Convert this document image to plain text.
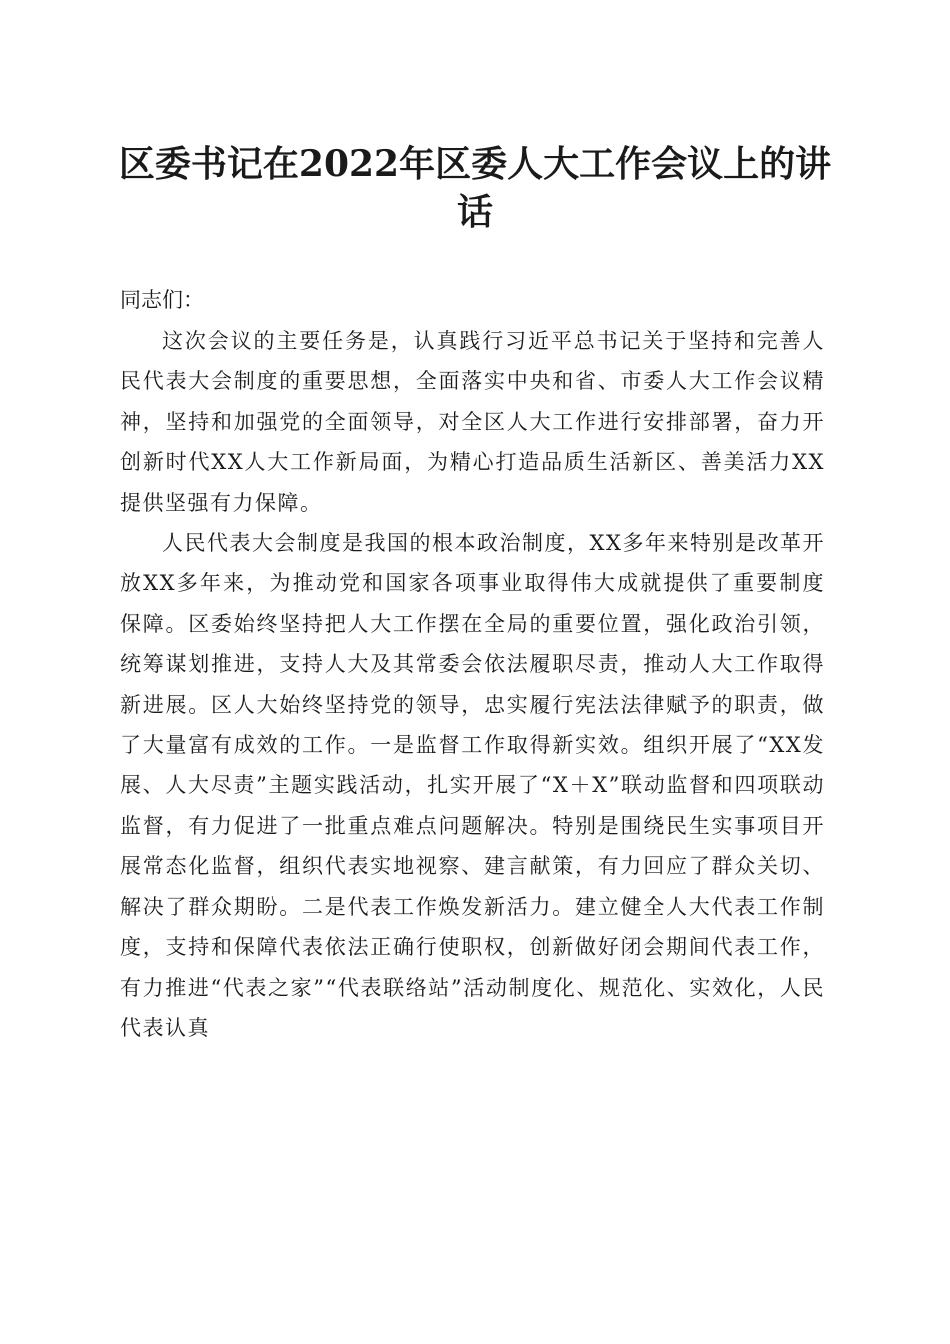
区委书记在2022年区委人大工作会议上的讲话

同志们：

这次会议的主要任务是，认真践行习近平总书记关于坚持和完善人民代表大会制度的重要思想，全面落实中央和省、市委人大工作会议精神，坚持和加强党的全面领导，对全区人大工作进行安排部署，奋力开创新时代XX人大工作新局面，为精心打造品质生活新区、善美活力XX提供坚强有力保障。

人民代表大会制度是我国的根本政治制度，XX多年来特别是改革开放XX多年来，为推动党和国家各项事业取得伟大成就提供了重要制度保障。区委始终坚持把人大工作摆在全局的重要位置，强化政治引领，统筹谋划推进，支持人大及其常委会依法履职尽责，推动人大工作取得新进展。区人大始终坚持党的领导，忠实履行宪法法律赋予的职责，做了大量富有成效的工作。一是监督工作取得新实效。组织开展了“XX发展、人大尽责”主题实践活动，扎实开展了“X＋X”联动监督和四项联动监督，有力促进了一批重点难点问题解决。特别是围绕民生实事项目开展常态化监督，组织代表实地视察、建言献策，有力回应了群众关切、解决了群众期盼。二是代表工作焕发新活力。建立健全人大代表工作制度，支持和保障代表依法正确行使职权，创新做好闭会期间代表工作，有力推进“代表之家”“代表联络站”活动制度化、规范化、实效化，人民代表认真
